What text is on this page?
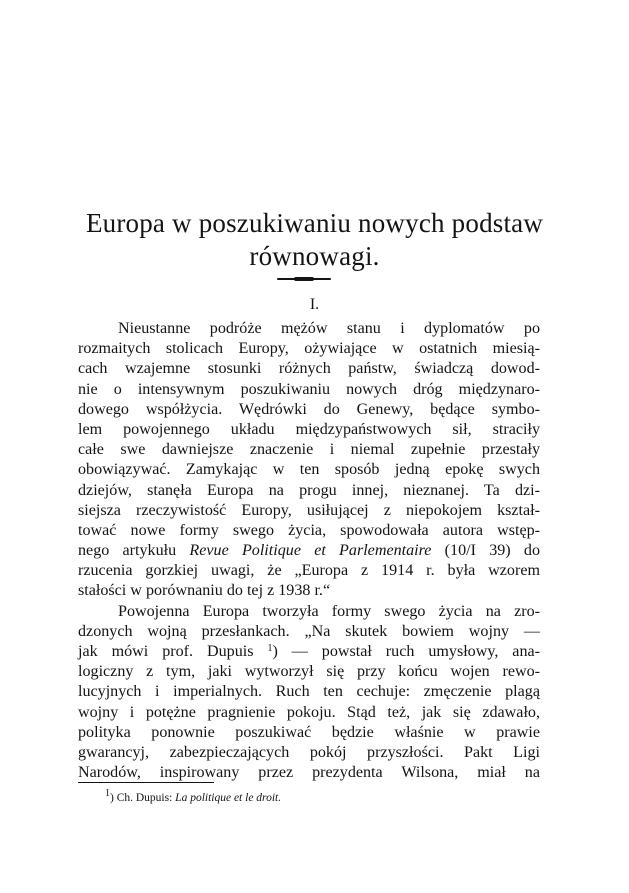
Europa w poszukiwaniu nowych podstaw
równowagi.
I.
Nieustanne podróże mężów stanu i dyplomatów po
rozmaitych stolicach Europy, ożywiające w ostatnich miesią-
cach wzajemne stosunki różnych państw, świadczą dowod-
nie o intensywnym poszukiwaniu nowych dróg międzynaro-
dowego współżycia. Wędrówki do Genewy, będące symbo-
lem powojennego układu międzypaństwowych sił, straciły
całe swe dawniejsze znaczenie i niemal zupełnie przestały
obowiązywać. Zamykając w ten sposób jedną epokę swych
dziejów, stanęła Europa na progu innej, nieznanej. Ta dzi-
siejsza rzeczywistość Europy, usiłującej z niepokojem kształ-
tować nowe formy swego życia, spowodowała autora wstęp-
nego artykułu Revue Politique et Parlementaire (10/I 39) do
rzucenia gorzkiej uwagi, że „Europa z 1914 r. była wzorem
stałości w porównaniu do tej z 1938 r.“
Powojenna Europa tworzyła formy swego życia na zro-
dzonych wojną przesłankach. „Na skutek bowiem wojny —
jak mówi prof. Dupuis $^1$) — powstał ruch umysłowy, ana-
logiczny z tym, jaki wytworzył się przy końcu wojen rewo-
lucyjnych i imperialnych. Ruch ten cechuje: zmęczenie plagą
wojny i potężne pragnienie pokoju. Stąd też, jak się zdawało,
polityka ponownie poszukiwać będzie właśnie w prawie
gwarancyj, zabezpieczających pokój przyszłości. Pakt Ligi
Narodów, inspirowany przez prezydenta Wilsona, miał na
$^1$) Ch. Dupuis: La politique et le droit.
